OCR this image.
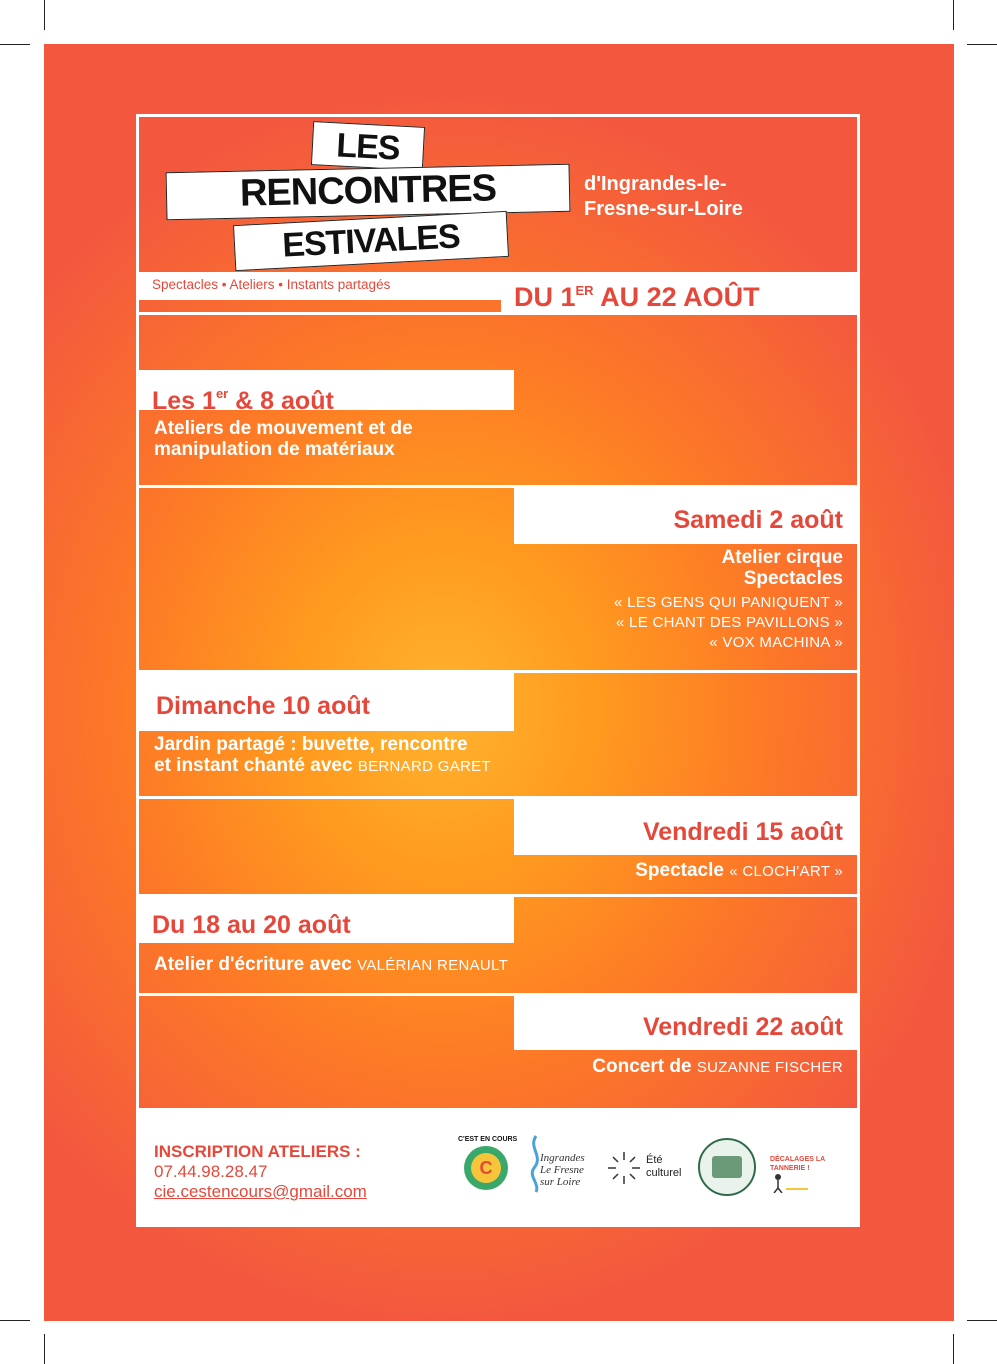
LES
RENCONTRES
ESTIVALES
d'Ingrandes-le-
Fresne-sur-Loire
Spectacles • Ateliers • Instants partagés	DU 1ER AU 22 AOÛT
Les 1er & 8 août
Ateliers de mouvement et de
manipulation de matériaux
Samedi 2 août
Atelier cirque
Spectacles
« LES GENS QUI PANIQUENT »
« LE CHANT DES PAVILLONS »
« VOX MACHINA »
Dimanche 10 août
Jardin partagé : buvette, rencontre
et instant chanté avec BERNARD GARET
Vendredi 15 août
Spectacle « CLOCH'ART »
Du 18 au 20 août
Atelier d'écriture avec VALÉRIAN RENAULT
Vendredi 22 août
Concert de SUZANNE FISCHER
INSCRIPTION ATELIERS :
07.44.98.28.47
cie.cestencours@gmail.com
C'EST EN COURS
C	Ingrandes
Le Fresne
sur Loire
Été
culturel
DÉCALAGES LA TANNERIE !
